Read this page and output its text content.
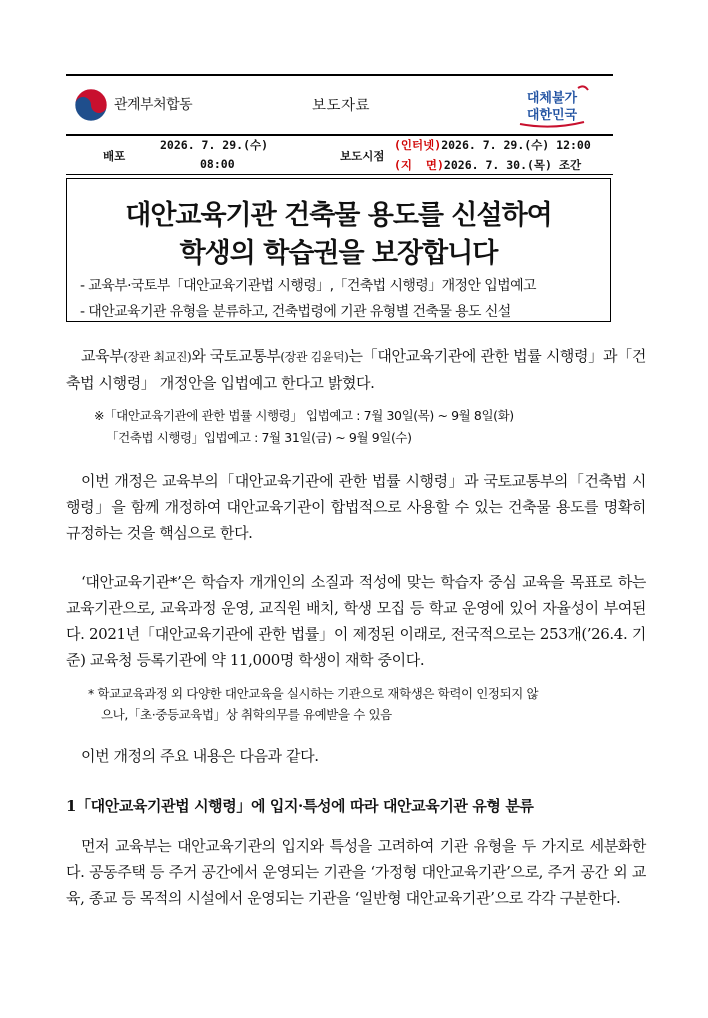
관계부처합동	보도자료	대체불가
대한민국
배포
2026. 7. 29.(수)
08:00
보도시점
(인터넷)2026. 7. 29.(수) 12:00
(지  면)2026. 7. 30.(목) 조간
대안교육기관 건축물 용도를 신설하여
학생의 학습권을 보장합니다
- 교육부·국토부「대안교육기관법 시행령」,「건축법 시행령」개정안 입법예고
- 대안교육기관 유형을 분류하고, 건축법령에 기관 유형별 건축물 용도 신설
교육부(장관 최교진)와 국토교통부(장관 김윤덕)는「대안교육기관에 관한 법률 시행령」과「건축법 시행령」 개정안을 입법예고 한다고 밝혔다.
※「대안교육기관에 관한 법률 시행령」 입법예고 : 7월 30일(목) ~ 9월 8일(화)
「건축법 시행령」입법예고 : 7월 31일(금) ~ 9월 9일(수)
이번 개정은 교육부의「대안교육기관에 관한 법률 시행령」과 국토교통부의「건축법 시행령」을 함께 개정하여 대안교육기관이 합법적으로 사용할 수 있는 건축물 용도를 명확히 규정하는 것을 핵심으로 한다.
‘대안교육기관*’은 학습자 개개인의 소질과 적성에 맞는 학습자 중심 교육을 목표로 하는 교육기관으로, 교육과정 운영, 교직원 배치, 학생 모집 등 학교 운영에 있어 자율성이 부여된다. 2021년「대안교육기관에 관한 법률」이 제정된 이래로, 전국적으로는 253개(’26.4. 기준) 교육청 등록기관에 약 11,000명 학생이 재학 중이다.
* 학교교육과정 외 다양한 대안교육을 실시하는 기관으로 재학생은 학력이 인정되지 않
으나,「초·중등교육법」상 취학의무를 유예받을 수 있음
이번 개정의 주요 내용은 다음과 같다.
1「대안교육기관법 시행령」에 입지·특성에 따라 대안교육기관 유형 분류
먼저 교육부는 대안교육기관의 입지와 특성을 고려하여 기관 유형을 두 가지로 세분화한다. 공동주택 등 주거 공간에서 운영되는 기관을 ‘가정형 대안교육기관’으로, 주거 공간 외 교육, 종교 등 목적의 시설에서 운영되는 기관을 ‘일반형 대안교육기관’으로 각각 구분한다.
